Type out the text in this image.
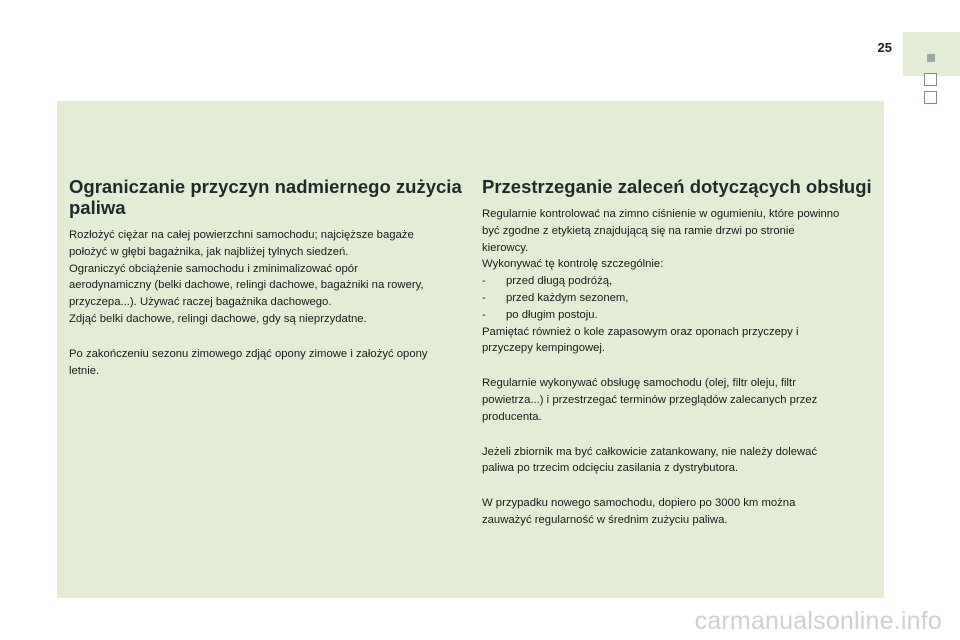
25
Ograniczanie przyczyn nadmiernego zużycia paliwa

Rozłożyć ciężar na całej powierzchni samochodu; najcięższe bagaże
położyć w głębi bagażnika, jak najbliżej tylnych siedzeń.
Ograniczyć obciążenie samochodu i zminimalizować opór
aerodynamiczny (belki dachowe, relingi dachowe, bagażniki na rowery,
przyczepa...). Używać raczej bagażnika dachowego.
Zdjąć belki dachowe, relingi dachowe, gdy są nieprzydatne.

Po zakończeniu sezonu zimowego zdjąć opony zimowe i założyć opony
letnie.

Przestrzeganie zaleceń dotyczących obsługi

Regularnie kontrolować na zimno ciśnienie w ogumieniu, które powinno
być zgodne z etykietą znajdującą się na ramie drzwi po stronie
kierowcy.
Wykonywać tę kontrolę szczególnie:

- przed długą podróżą,
- przed każdym sezonem,
- po długim postoju.

Pamiętać również o kole zapasowym oraz oponach przyczepy i
przyczepy kempingowej.

Regularnie wykonywać obsługę samochodu (olej, filtr oleju, filtr
powietrza...) i przestrzegać terminów przeglądów zalecanych przez
producenta.

Jeżeli zbiornik ma być całkowicie zatankowany, nie należy dolewać
paliwa po trzecim odcięciu zasilania z dystrybutora.

W przypadku nowego samochodu, dopiero po 3000 km można
zauważyć regularność w średnim zużyciu paliwa.

carmanualsonline.info
